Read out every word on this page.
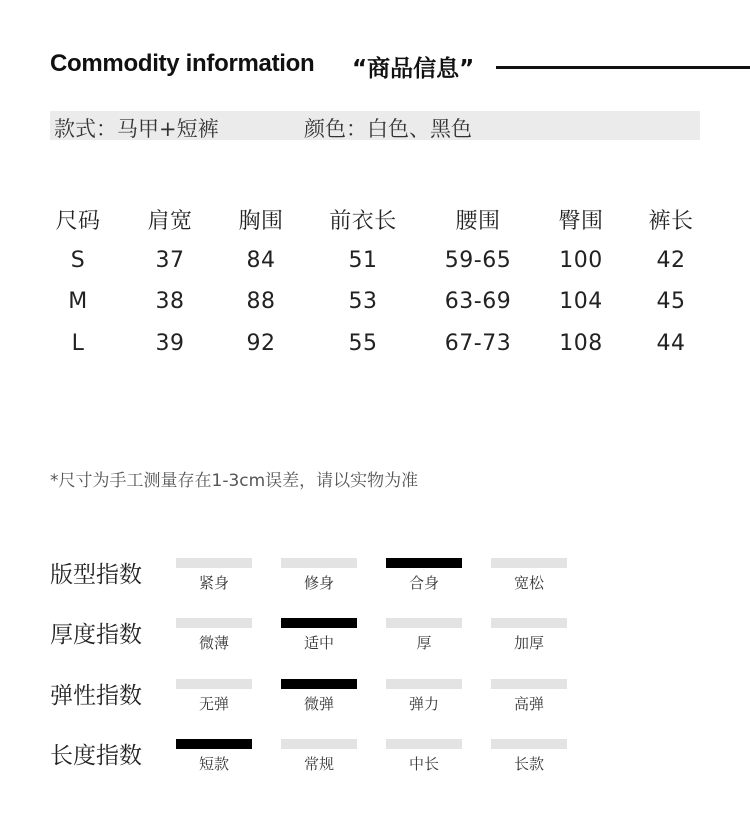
Commodity information “商品信息”
款式：马甲+短裤	颜色：白色、黑色
尺码	肩宽	胸围	前衣长	腰围	臀围	裤长
S	37	84	51	59-65	100	42
M	38	88	53	63-69	104	45
L	39	92	55	67-73	108	44
*尺寸为手工测量存在1-3cm误差，请以实物为准
版型指数	紧身	修身	合身	宽松
厚度指数	微薄	适中	厚	加厚
弹性指数	无弹	微弹	弹力	高弹
长度指数	短款	常规	中长	长款
